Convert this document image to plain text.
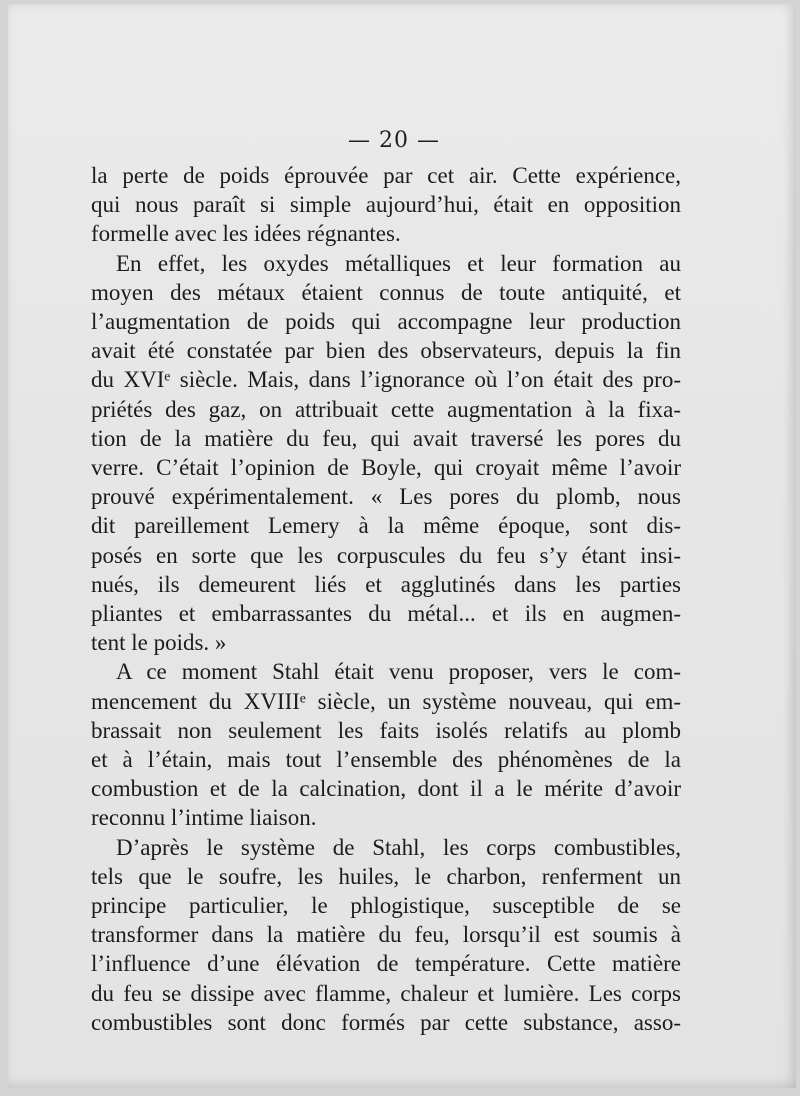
— 20 —

la perte de poids éprouvée par cet air. Cette expérience,
qui nous paraît si simple aujourd’hui, était en opposition
formelle avec les idées régnantes.

En effet, les oxydes métalliques et leur formation au
moyen des métaux étaient connus de toute antiquité, et
l’augmentation de poids qui accompagne leur production
avait été constatée par bien des observateurs, depuis la fin
du XVIᵉ siècle. Mais, dans l’ignorance où l’on était des pro-
priétés des gaz, on attribuait cette augmentation à la fixa-
tion de la matière du feu, qui avait traversé les pores du
verre. C’était l’opinion de Boyle, qui croyait même l’avoir
prouvé expérimentalement. « Les pores du plomb, nous
dit pareillement Lemery à la même époque, sont dis-
posés en sorte que les corpuscules du feu s’y étant insi-
nués, ils demeurent liés et agglutinés dans les parties
pliantes et embarrassantes du métal... et ils en augmen-
tent le poids. »

A ce moment Stahl était venu proposer, vers le com-
mencement du XVIIIᵉ siècle, un système nouveau, qui em-
brassait non seulement les faits isolés relatifs au plomb
et à l’étain, mais tout l’ensemble des phénomènes de la
combustion et de la calcination, dont il a le mérite d’avoir
reconnu l’intime liaison.

D’après le système de Stahl, les corps combustibles,
tels que le soufre, les huiles, le charbon, renferment un
principe particulier, le phlogistique, susceptible de se
transformer dans la matière du feu, lorsqu’il est soumis à
l’influence d’une élévation de température. Cette matière
du feu se dissipe avec flamme, chaleur et lumière. Les corps
combustibles sont donc formés par cette substance, asso-
